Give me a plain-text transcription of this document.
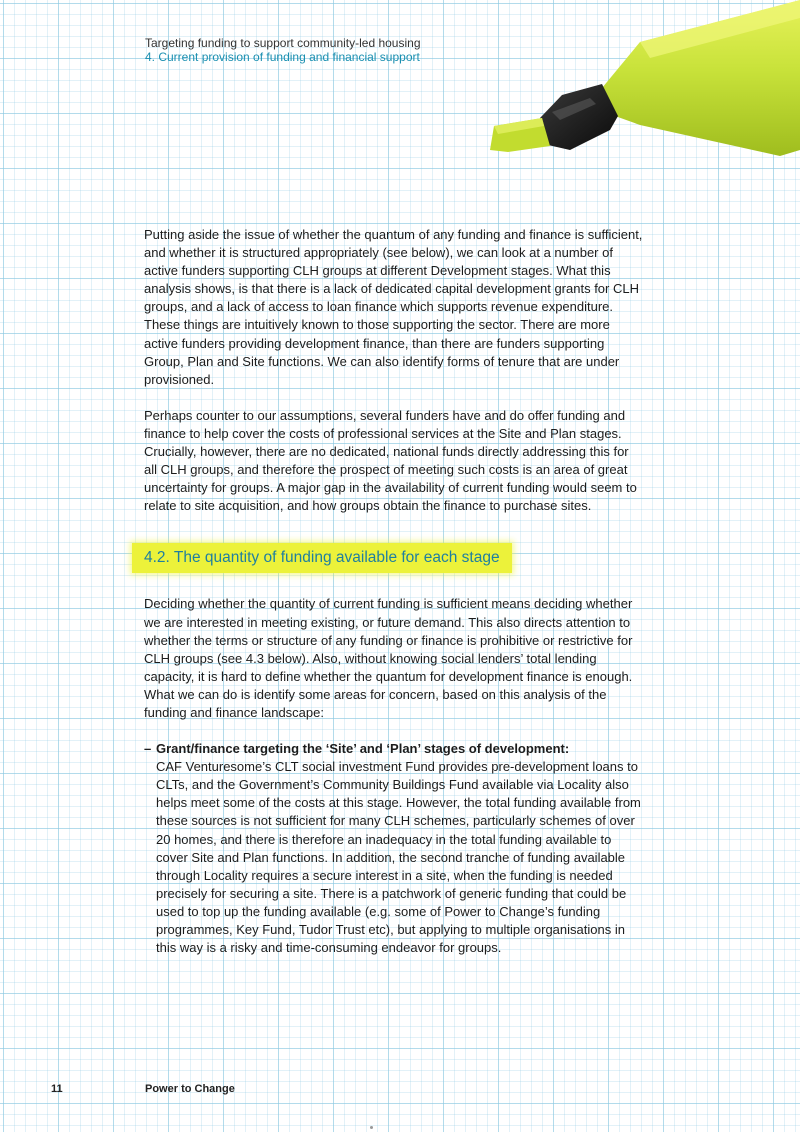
Targeting funding to support community-led housing
4. Current provision of funding and financial support

Putting aside the issue of whether the quantum of any funding and finance is sufficient, and whether it is structured appropriately (see below), we can look at a number of active funders supporting CLH groups at different Development stages. What this analysis shows, is that there is a lack of dedicated capital development grants for CLH groups, and a lack of access to loan finance which supports revenue expenditure. These things are intuitively known to those supporting the sector. There are more active funders providing development finance, than there are funders supporting Group, Plan and Site functions. We can also identify forms of tenure that are under provisioned.

Perhaps counter to our assumptions, several funders have and do offer funding and finance to help cover the costs of professional services at the Site and Plan stages. Crucially, however, there are no dedicated, national funds directly addressing this for all CLH groups, and therefore the prospect of meeting such costs is an area of great uncertainty for groups. A major gap in the availability of current funding would seem to relate to site acquisition, and how groups obtain the finance to purchase sites.

4.2. The quantity of funding available for each stage

Deciding whether the quantity of current funding is sufficient means deciding whether we are interested in meeting existing, or future demand. This also directs attention to whether the terms or structure of any funding or finance is prohibitive or restrictive for CLH groups (see 4.3 below). Also, without knowing social lenders’ total lending capacity, it is hard to define whether the quantum for development finance is enough. What we can do is identify some areas for concern, based on this analysis of the funding and finance landscape:

– Grant/finance targeting the ‘Site’ and ‘Plan’ stages of development:
CAF Venturesome’s CLT social investment Fund provides pre-development loans to CLTs, and the Government’s Community Buildings Fund available via Locality also helps meet some of the costs at this stage. However, the total funding available from these sources is not sufficient for many CLH schemes, particularly schemes of over 20 homes, and there is therefore an inadequacy in the total funding available to cover Site and Plan functions. In addition, the second tranche of funding available through Locality requires a secure interest in a site, when the funding is needed precisely for securing a site. There is a patchwork of generic funding that could be used to top up the funding available (e.g. some of Power to Change’s funding programmes, Key Fund, Tudor Trust etc), but applying to multiple organisations in this way is a risky and time-consuming endeavor for groups.
11	Power to Change
